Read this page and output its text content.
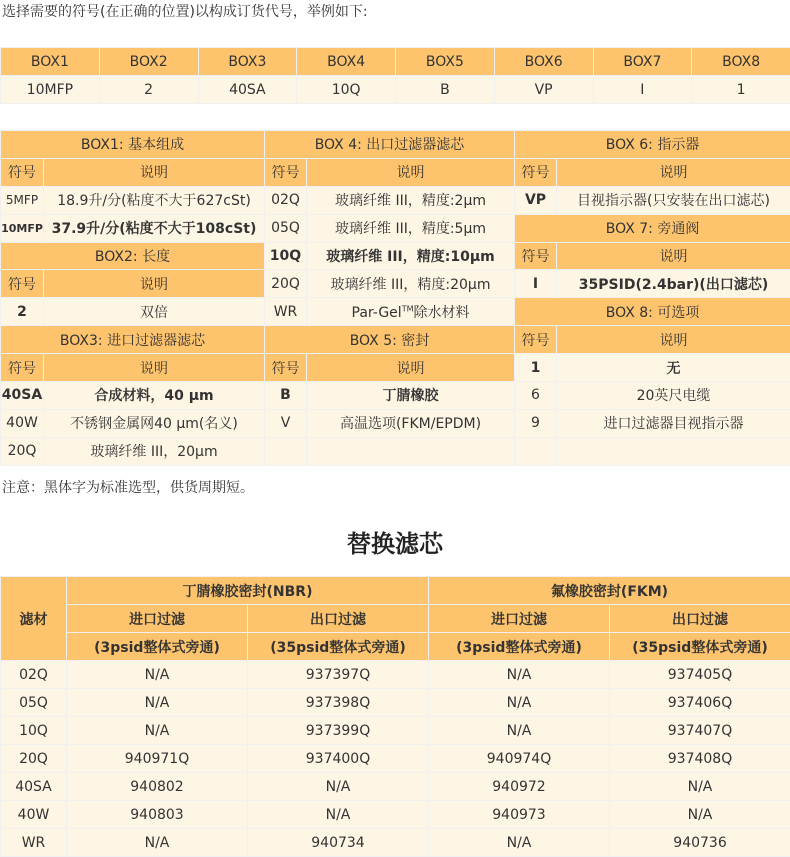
选择需要的符号(在正确的位置)以构成订货代号，举例如下:
BOX1	BOX2	BOX3	BOX4	BOX5	BOX6	BOX7	BOX8
10MFP	2	40SA	10Q	B	VP	I	1
BOX1: 基本组成		BOX 4: 出口过滤器滤芯		BOX 6: 指示器	
符号	说明	符号	说明	符号	说明
5MFP	18.9升/分(粘度不大于627cSt)	02Q	玻璃纤维 III，精度:2μm	VP	目视指示器(只安装在出口滤芯)
10MFP	37.9升/分(粘度不大于108cSt)	05Q	玻璃纤维 III，精度:5μm	BOX 7: 旁通阀	
BOX2: 长度		10Q	玻璃纤维 III，精度:10μm	符号	说明
符号	说明	20Q	玻璃纤维 III，精度:20μm	I	35PSID(2.4bar)(出口滤芯)
2	双倍	WR	Par-Gel™除水材料	BOX 8: 可选项	
BOX3: 进口过滤器滤芯		BOX 5: 密封		符号	说明
符号	说明	符号	说明	1	无
40SA	合成材料，40 μm	B	丁腈橡胶	6	20英尺电缆
40W	不锈钢金属网40 μm(名义)	V	高温选项(FKM/EPDM)	9	进口过滤器目视指示器
20Q	玻璃纤维 III，20μm				
注意：黑体字为标准选型，供货周期短。
替换滤芯
滤材	丁腈橡胶密封(NBR)		氟橡胶密封(FKM)	
	进口过滤	出口过滤	进口过滤	出口过滤
	(3psid整体式旁通)	(35psid整体式旁通)	(3psid整体式旁通)	(35psid整体式旁通)
02Q	N/A	937397Q	N/A	937405Q
05Q	N/A	937398Q	N/A	937406Q
10Q	N/A	937399Q	N/A	937407Q
20Q	940971Q	937400Q	940974Q	937408Q
40SA	940802	N/A	940972	N/A
40W	940803	N/A	940973	N/A
WR	N/A	940734	N/A	940736
